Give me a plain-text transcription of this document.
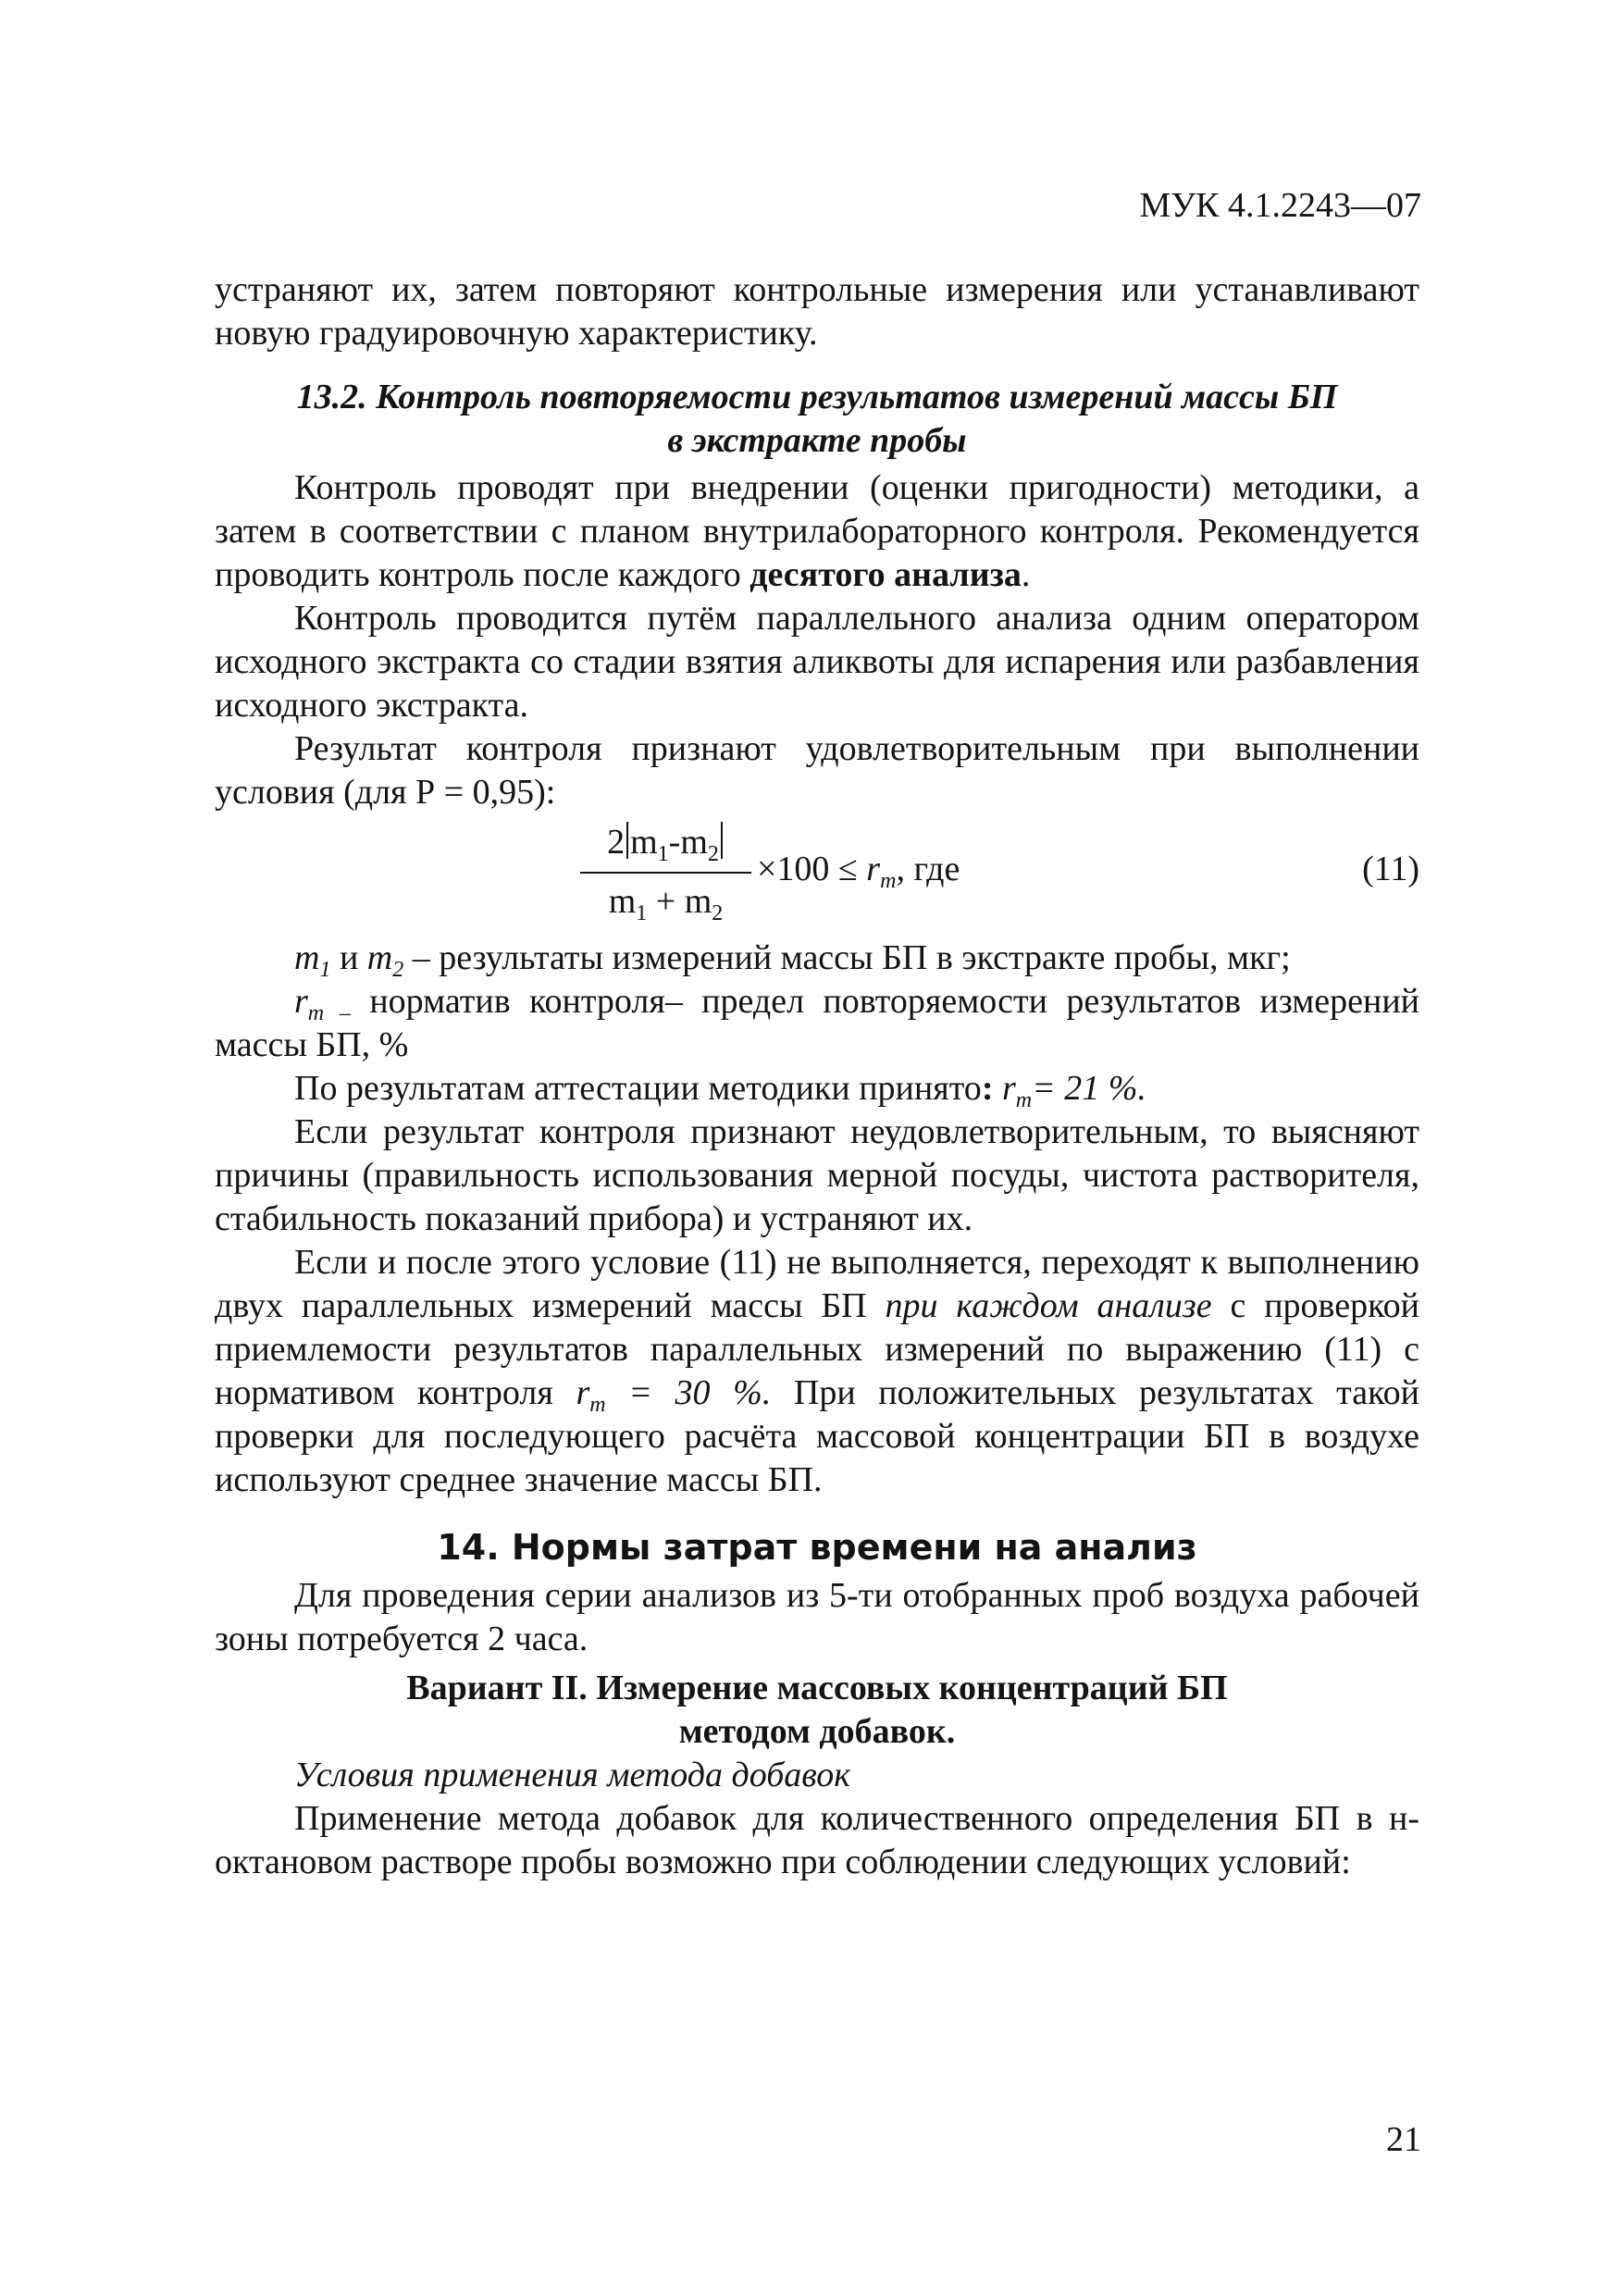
МУК 4.1.2243—07

устраняют их, затем повторяют контрольные измерения или устанавливают новую градуировочную характеристику.

13.2. Контроль повторяемости результатов измерений массы БП
в экстракте пробы

Контроль проводят при внедрении (оценки пригодности) методики, а затем в соответствии с планом внутрилабораторного контроля. Рекомендуется проводить контроль после каждого десятого анализа.

Контроль проводится путём параллельного анализа одним оператором исходного экстракта со стадии взятия аликвоты для испарения или разбавления исходного экстракта.

Результат контроля признают удовлетворительным при выполнении условия (для Р = 0,95):

$\frac{2 m_1-m_2}{m_1 + m_2} \times 100 \le r_m$, где	(11)

$m_1$ и $m_2$ – результаты измерений массы БП в экстракте пробы, мкг;

$r_{m -}$ норматив контроля– предел повторяемости результатов измерений массы БП, %

По результатам аттестации методики принято: $r_m= 21$ %.

Если результат контроля признают неудовлетворительным, то выясняют причины (правильность использования мерной посуды, чистота растворителя, стабильность показаний прибора) и устраняют их.

Если и после этого условие (11) не выполняется, переходят к выполнению двух параллельных измерений массы БП при каждом анализе с проверкой приемлемости результатов параллельных измерений по выражению (11) с нормативом контроля $r_m = 30$ %. При положительных результатах такой проверки для последующего расчёта массовой концентрации БП в воздухе используют среднее значение массы БП.

14. Нормы затрат времени на анализ

Для проведения серии анализов из 5-ти отобранных проб воздуха рабочей зоны потребуется 2 часа.

Вариант II. Измерение массовых концентраций БП
методом добавок.

Условия применения метода добавок

Применение метода добавок для количественного определения БП в н-октановом растворе пробы возможно при соблюдении следующих условий:

21
